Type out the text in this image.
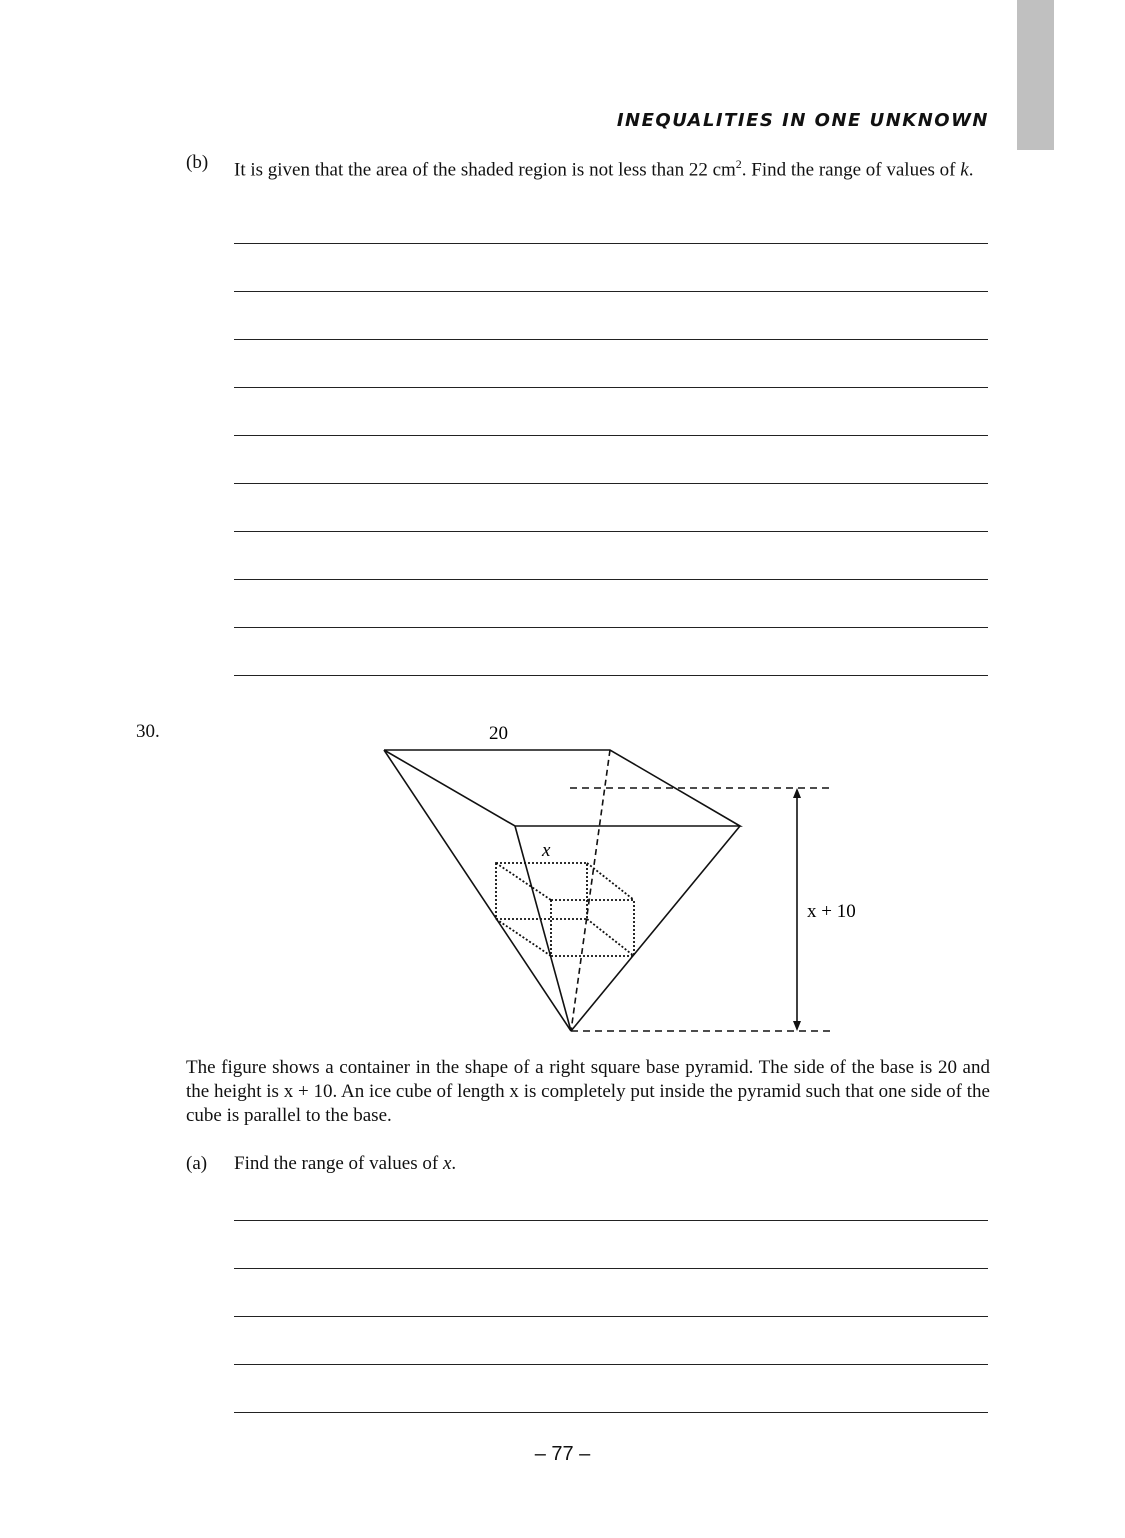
INEQUALITIES IN ONE UNKNOWN
(b) It is given that the area of the shaded region is not less than 22 $cm^2$. Find the range of values of k.
30.	20
x
x + 10
The figure shows a container in the shape of a right square base pyramid. The side of the base is 20 and the height is x + 10. An ice cube of length x is completely put inside the pyramid such that one side of the cube is parallel to the base.
(a) Find the range of values of x.
– 77 –
